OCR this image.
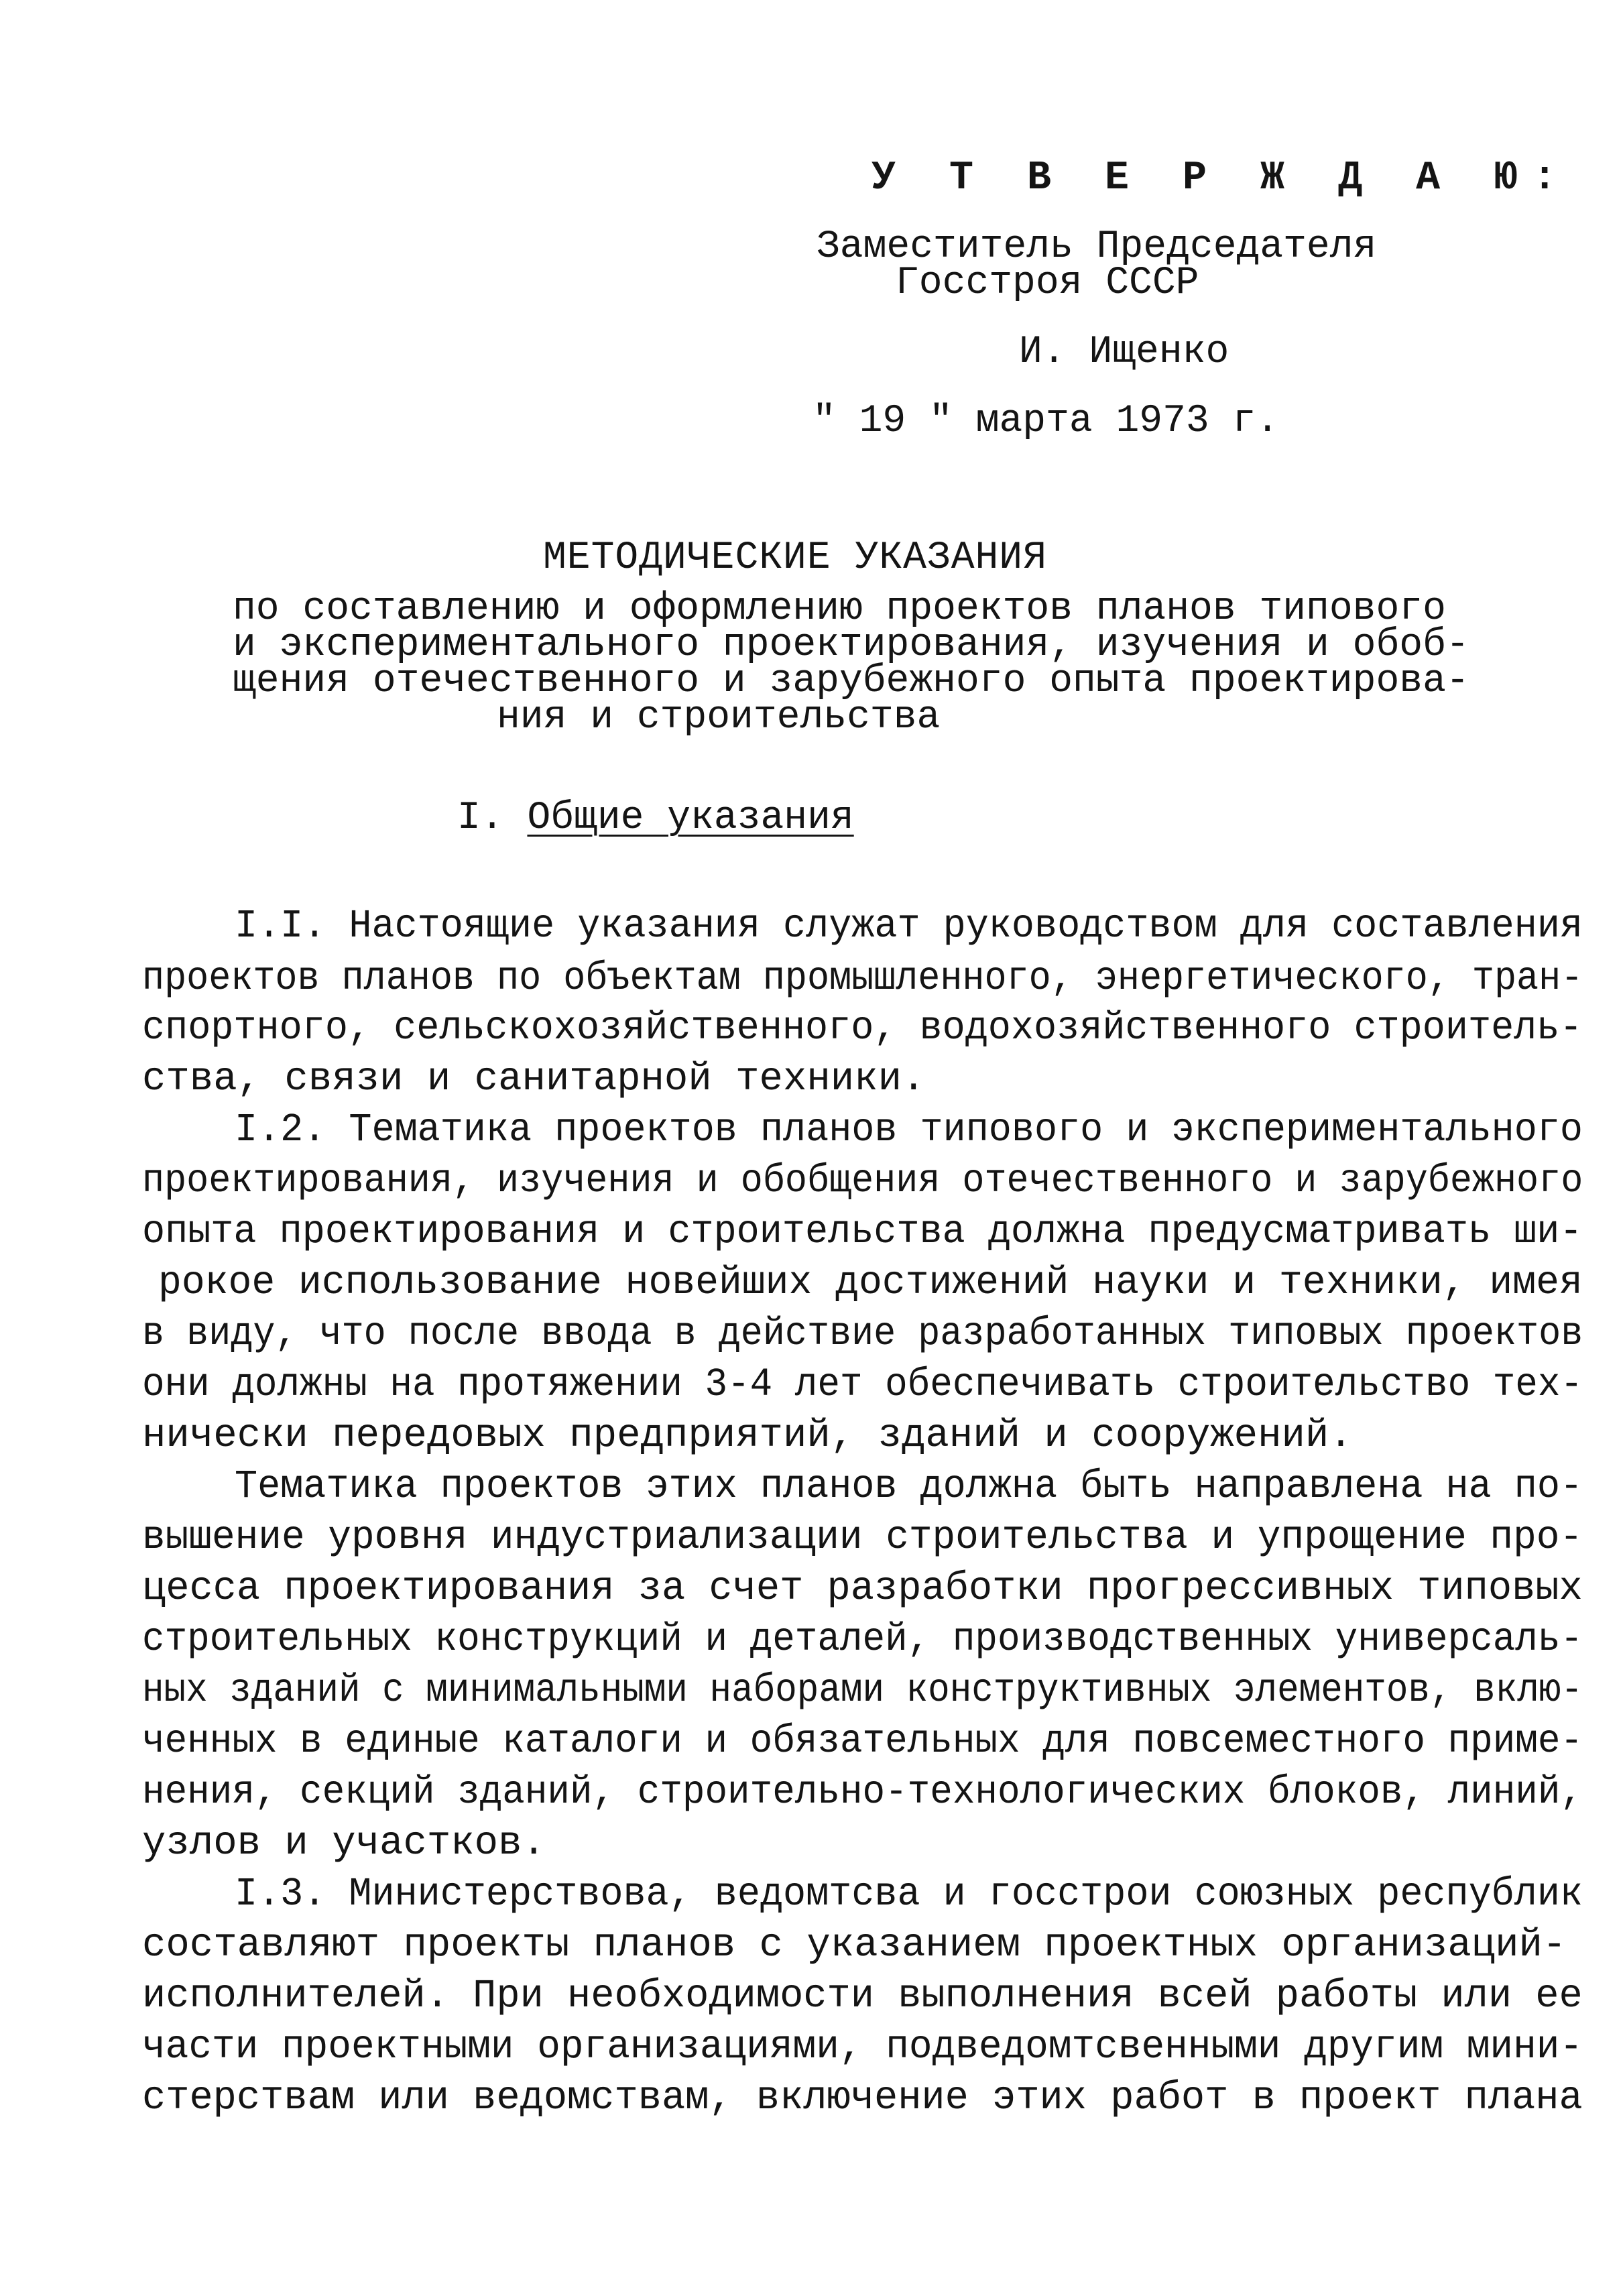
У Т В Е Р Ж Д А Ю:
Заместитель Председателя
Госстроя СССР
И. Ищенко
" 19 " марта 1973 г.
МЕТОДИЧЕСКИЕ УКАЗАНИЯ
по составлению и оформлению проектов планов типового
и экспериментального проектирования, изучения и обоб-
щения отечественного и зарубежного опыта проектирова-
ния и строительства
I. Общие указания
I.I. Настоящие указания служат руководством для составления
проектов планов по объектам промышленного, энергетического, тран-
спортного, сельскохозяйственного, водохозяйственного строитель-
ства, связи и санитарной техники.
I.2. Тематика проектов планов типового и экспериментального
проектирования, изучения и обобщения отечественного и зарубежного
опыта проектирования и строительства должна предусматривать ши-
рокое использование новейших достижений науки и техники, имея
в виду, что после ввода в действие разработанных типовых проектов
они должны на протяжении 3-4 лет обеспечивать строительство тех-
нически передовых предприятий, зданий и сооружений.
Тематика проектов этих планов должна быть направлена на по-
вышение уровня индустриализации строительства и упрощение про-
цесса проектирования за счет разработки прогрессивных типовых
строительных конструкций и деталей, производственных универсаль-
ных зданий с минимальными наборами конструктивных элементов, вклю-
ченных в единые каталоги и обязательных для повсеместного приме-
нения, секций зданий, строительно-технологических блоков, линий,
узлов и участков.
I.3. Министерствова, ведомтсва и госстрои союзных республик
составляют проекты планов с указанием проектных организаций-
исполнителей. При необходимости выполнения всей работы или ее
части проектными организациями, подведомтсвенными другим мини-
стерствам или ведомствам, включение этих работ в проект плана
